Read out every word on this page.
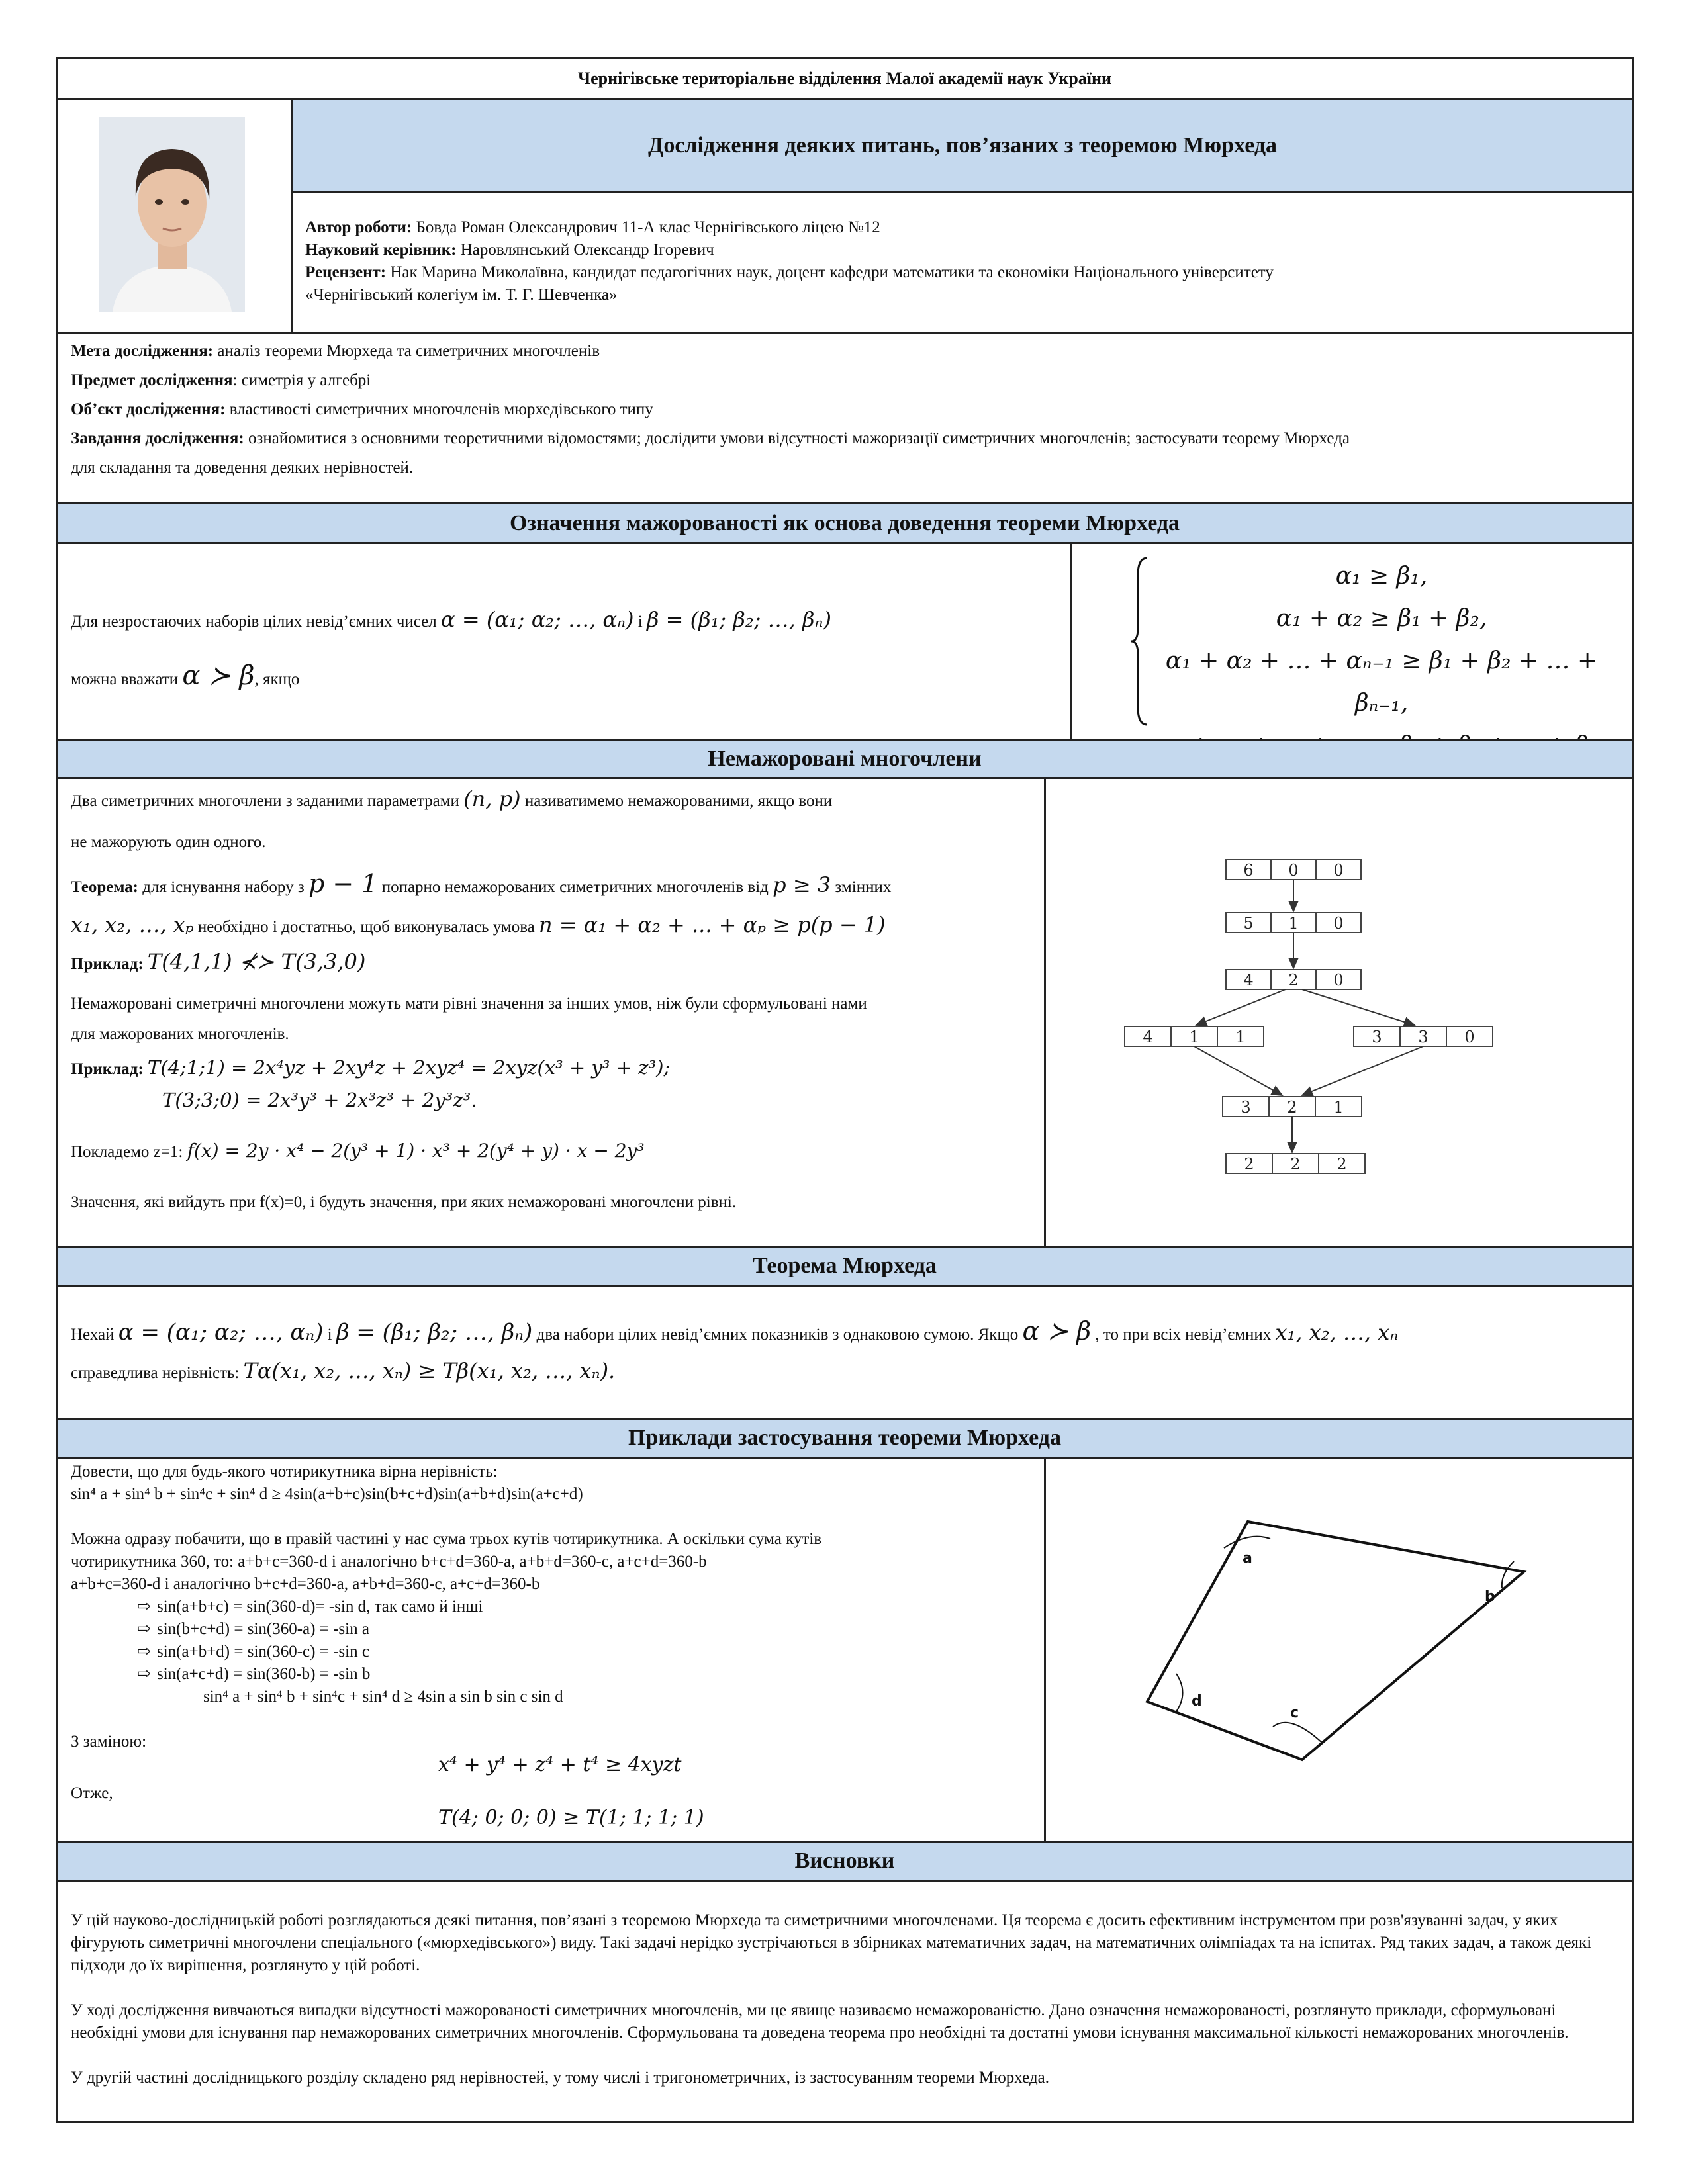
Чернігівське територіальне відділення Малої академії наук України
Дослідження деяких питань, пов’язаних з теоремою Мюрхеда
Автор роботи: Бовда Роман Олександрович 11-А клас Чернігівського ліцею №12
Науковий керівник: Наровлянський Олександр Ігоревич
Рецензент: Нак Марина Миколаївна, кандидат педагогічних наук, доцент кафедри математики та економіки Національного університету
«Чернігівський колегіум ім. Т. Г. Шевченка»
Мета дослідження: аналіз теореми Мюрхеда та симетричних многочленів
Предмет дослідження: симетрія у алгебрі
Об’єкт дослідження: властивості симетричних многочленів мюрхедівського типу
Завдання дослідження: ознайомитися з основними теоретичними відомостями; дослідити умови відсутності мажоризації симетричних многочленів; застосувати теорему Мюрхеда
для складання та доведення деяких нерівностей.
Означення мажорованості як основа доведення теореми Мюрхеда
Для незростаючих наборів цілих невід’ємних чисел α = (α₁; α₂; …, αₙ) і β = (β₁; β₂; …, βₙ)
можна вважати α ≻ β, якщо
α₁ ≥ β₁,
α₁ + α₂ ≥ β₁ + β₂,
α₁ + α₂ + … + αₙ₋₁ ≥ β₁ + β₂ + … + βₙ₋₁,
Немажоровані многочлени
Два симетричних многочлени з заданими параметрами (n, p) називатимемо немажорованими, якщо вони
не мажорують один одного.
Теорема: для існування набору з p − 1 попарно немажорованих симетричних многочленів від p ≥ 3 змінних
x₁, x₂, …, xₚ необхідно і достатньо, щоб виконувалась умова n = α₁ + α₂ + ... + αₚ ≥ p(p − 1)
Приклад: T(4,1,1) ⊀≻ T(3,3,0)
Немажоровані симетричні многочлени можуть мати рівні значення за інших умов, ніж були сформульовані нами
для мажорованих многочленів.
Приклад: T(4;1;1) = 2x⁴yz + 2xy⁴z + 2xyz⁴ = 2xyz(x³ + y³ + z³);
T(3;3;0) = 2x³y³ + 2x³z³ + 2y³z³.
Покладемо z=1: f(x) = 2y · x⁴ − 2(y³ + 1) · x³ + 2(y⁴ + y) · x − 2y³
Значення, які вийдуть при f(x)=0, і будуть значення, при яких немажоровані многочлени рівні.
6 0 0
5 1 0
4 2 0
4 1 1	3 3 0
3 2 1
2 2 2
Теорема Мюрхеда
Нехай α = (α₁; α₂; …, αₙ) і β = (β₁; β₂; …, βₙ) два набори цілих невід’ємних показників з однаковою сумою. Якщо α ≻ β , то при всіх невід’ємних x₁, x₂, …, xₙ
справедлива нерівність: Tα(x₁, x₂, …, xₙ) ≥ Tβ(x₁, x₂, …, xₙ).
Приклади застосування теореми Мюрхеда
Довести, що для будь-якого чотирикутника вірна нерівність:
sin⁴ a + sin⁴ b + sin⁴c + sin⁴ d ≥ 4sin(a+b+c)sin(b+c+d)sin(a+b+d)sin(a+c+d)
Можна одразу побачити, що в правій частині у нас сума трьох кутів чотирикутника. А оскільки сума кутів
чотирикутника 360, то: a+b+c=360-d і аналогічно b+c+d=360-a, a+b+d=360-c, a+c+d=360-b
a+b+c=360-d і аналогічно b+c+d=360-a, a+b+d=360-c, a+c+d=360-b
⇨ sin(a+b+c) = sin(360-d)= -sin d, так само й інші
⇨ sin(b+c+d) = sin(360-a) = -sin a
⇨ sin(a+b+d) = sin(360-c) = -sin c
⇨ sin(a+c+d) = sin(360-b) = -sin b
sin⁴ a + sin⁴ b + sin⁴c + sin⁴ d ≥ 4sin a sin b sin c sin d
З заміною:
x⁴ + y⁴ + z⁴ + t⁴ ≥ 4xyzt
Отже,
T(4; 0; 0; 0) ≥ T(1; 1; 1; 1)
a
b
c
d
Висновки
У цій науково-дослідницькій роботі розглядаються деякі питання, пов’язані з теоремою Мюрхеда та симетричними многочленами. Ця теорема є досить ефективним інструментом при розв'язуванні задач, у яких фігурують симетричні многочлени спеціального («мюрхедівського») виду. Такі задачі нерідко зустрічаються в збірниках математичних задач, на математичних олімпіадах та на іспитах. Ряд таких задач, а також деякі підходи до їх вирішення, розглянуто у цій роботі.
У ході дослідження вивчаються випадки відсутності мажорованості симетричних многочленів, ми це явище називаємо немажорованістю. Дано означення немажорованості, розглянуто приклади, сформульовані необхідні умови для існування пар немажорованих симетричних многочленів. Сформульована та доведена теорема про необхідні та достатні умови існування максимальної кількості немажорованих многочленів.
У другій частині дослідницького розділу складено ряд нерівностей, у тому числі і тригонометричних, із застосуванням теореми Мюрхеда.
